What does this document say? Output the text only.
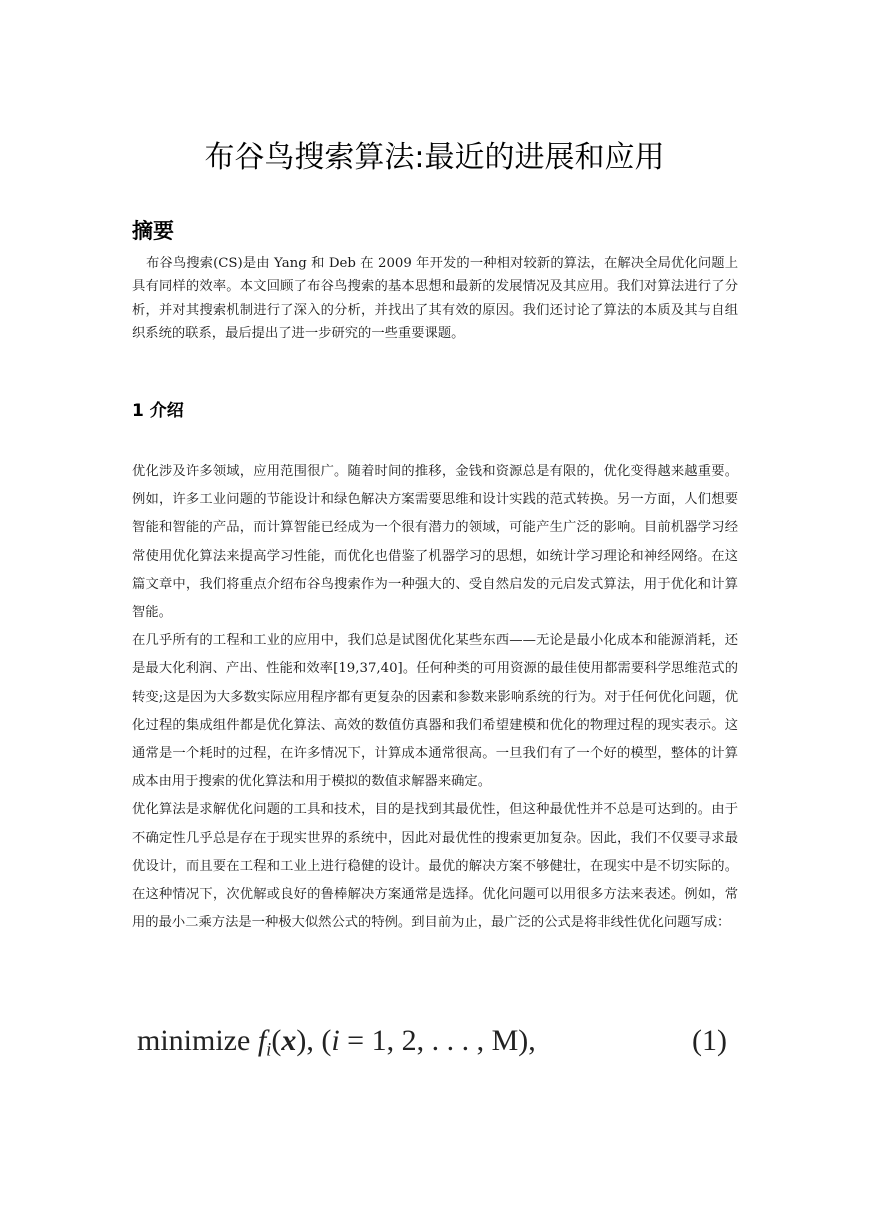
布谷鸟搜索算法:最近的进展和应用
摘要
布谷鸟搜索(CS)是由 Yang 和 Deb 在 2009 年开发的一种相对较新的算法，在解决全局优化问题上具有同样的效率。本文回顾了布谷鸟搜索的基本思想和最新的发展情况及其应用。我们对算法进行了分析，并对其搜索机制进行了深入的分析，并找出了其有效的原因。我们还讨论了算法的本质及其与自组织系统的联系，最后提出了进一步研究的一些重要课题。
1 介绍

优化涉及许多领域，应用范围很广。随着时间的推移，金钱和资源总是有限的，优化变得越来越重要。例如，许多工业问题的节能设计和绿色解决方案需要思维和设计实践的范式转换。另一方面，人们想要智能和智能的产品，而计算智能已经成为一个很有潜力的领域，可能产生广泛的影响。目前机器学习经常使用优化算法来提高学习性能，而优化也借鉴了机器学习的思想，如统计学习理论和神经网络。在这篇文章中，我们将重点介绍布谷鸟搜索作为一种强大的、受自然启发的元启发式算法，用于优化和计算智能。

在几乎所有的工程和工业的应用中，我们总是试图优化某些东西——无论是最小化成本和能源消耗，还是最大化利润、产出、性能和效率[19,37,40]。任何种类的可用资源的最佳使用都需要科学思维范式的转变;这是因为大多数实际应用程序都有更复杂的因素和参数来影响系统的行为。对于任何优化问题，优化过程的集成组件都是优化算法、高效的数值仿真器和我们希望建模和优化的物理过程的现实表示。这通常是一个耗时的过程，在许多情况下，计算成本通常很高。一旦我们有了一个好的模型，整体的计算成本由用于搜索的优化算法和用于模拟的数值求解器来确定。

优化算法是求解优化问题的工具和技术，目的是找到其最优性，但这种最优性并不总是可达到的。由于不确定性几乎总是存在于现实世界的系统中，因此对最优性的搜索更加复杂。因此，我们不仅要寻求最优设计，而且要在工程和工业上进行稳健的设计。最优的解决方案不够健壮，在现实中是不切实际的。在这种情况下，次优解或良好的鲁棒解决方案通常是选择。优化问题可以用很多方法来表述。例如，常用的最小二乘方法是一种极大似然公式的特例。到目前为止，最广泛的公式是将非线性优化问题写成：

minimize $f_i(x)$, (i = 1, 2, . . . , M),	(1)
